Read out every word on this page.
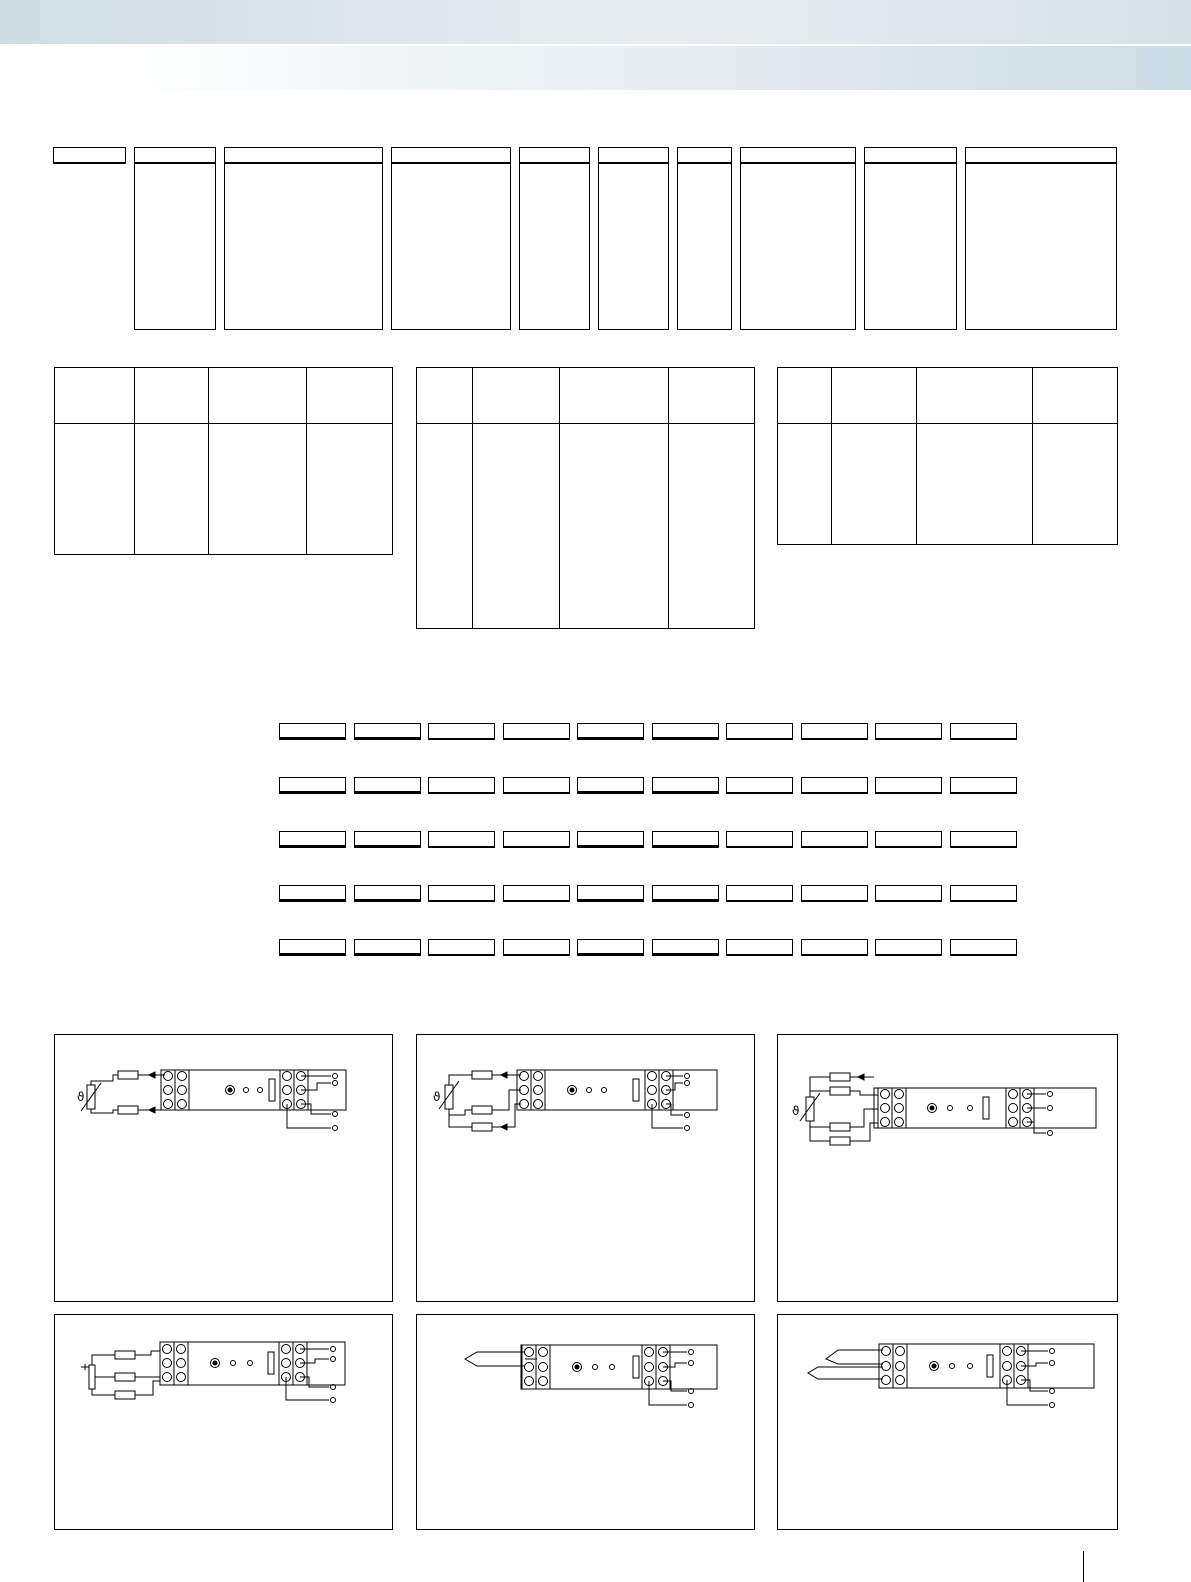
ϑ	ϑ
ϑ
